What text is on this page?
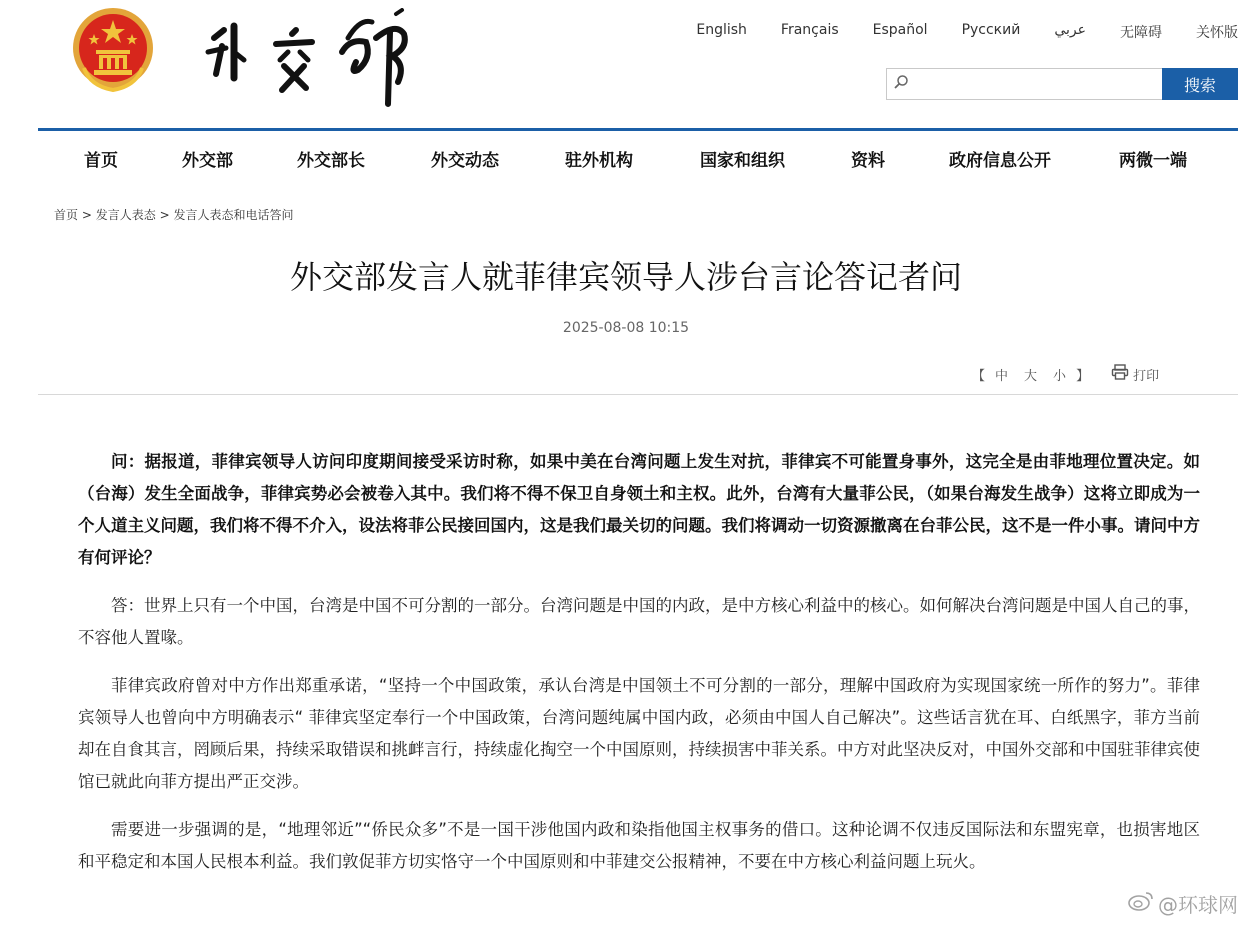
English Français Español Русский عربي 无障碍 关怀版
搜索
首页	外交部	外交部长	外交动态	驻外机构	国家和组织	资料	政府信息公开	两微一端
首页 > 发言人表态 > 发言人表态和电话答问
外交部发言人就菲律宾领导人涉台言论答记者问
2025-08-08 10:15
【 中 大 小 】	打印

问：据报道，菲律宾领导人访问印度期间接受采访时称，如果中美在台湾问题上发生对抗，菲律宾不可能置身事外，这完全是由菲地理位置决定。如（台海）发生全面战争，菲律宾势必会被卷入其中。我们将不得不保卫自身领土和主权。此外，台湾有大量菲公民，（如果台海发生战争）这将立即成为一个人道主义问题，我们将不得不介入，设法将菲公民接回国内，这是我们最关切的问题。我们将调动一切资源撤离在台菲公民，这不是一件小事。请问中方有何评论？

答：世界上只有一个中国，台湾是中国不可分割的一部分。台湾问题是中国的内政，是中方核心利益中的核心。如何解决台湾问题是中国人自己的事，不容他人置喙。

菲律宾政府曾对中方作出郑重承诺，“坚持一个中国政策，承认台湾是中国领土不可分割的一部分，理解中国政府为实现国家统一所作的努力”。菲律宾领导人也曾向中方明确表示“ 菲律宾坚定奉行一个中国政策，台湾问题纯属中国内政，必须由中国人自己解决”。这些话言犹在耳、白纸黑字，菲方当前却在自食其言，罔顾后果，持续采取错误和挑衅言行，持续虚化掏空一个中国原则，持续损害中菲关系。中方对此坚决反对，中国外交部和中国驻菲律宾使馆已就此向菲方提出严正交涉。

需要进一步强调的是，“地理邻近”“侨民众多”不是一国干涉他国内政和染指他国主权事务的借口。这种论调不仅违反国际法和东盟宪章，也损害地区和平稳定和本国人民根本利益。我们敦促菲方切实恪守一个中国原则和中菲建交公报精神，不要在中方核心利益问题上玩火。

@环球网
